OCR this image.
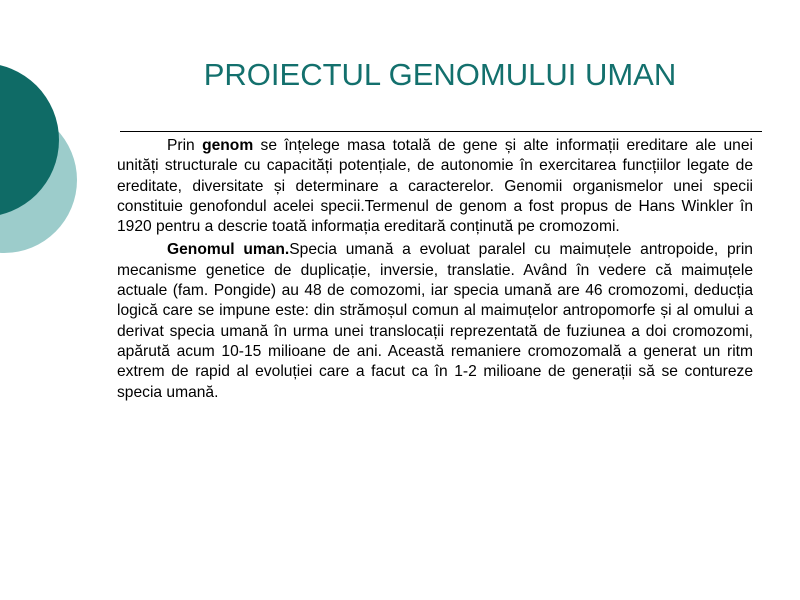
PROIECTUL GENOMULUI UMAN

Prin genom se înțelege masa totală de gene și alte informații ereditare ale unei unități structurale cu capacități potențiale, de autonomie în exercitarea funcțiilor legate de ereditate, diversitate și determinare a caracterelor. Genomii organismelor unei specii constituie genofondul acelei specii.Termenul de genom a fost propus de Hans Winkler în 1920 pentru a descrie toată informația ereditară conținută pe cromozomi.

Genomul uman.Specia umană a evoluat paralel cu maimuțele antropoide, prin mecanisme genetice de duplicație, inversie, translatie. Având în vedere că maimuțele actuale (fam. Pongide) au 48 de comozomi, iar specia umană are 46 cromozomi, deducția logică care se impune este: din strămoșul comun al maimuțelor antropomorfe și al omului a derivat specia umană în urma unei translocații reprezentată de fuziunea a doi cromozomi, apărută acum 10-15 milioane de ani. Această remaniere cromozomală a generat un ritm extrem de rapid al evoluției care a facut ca în 1-2 milioane de generații să se contureze specia umană.
